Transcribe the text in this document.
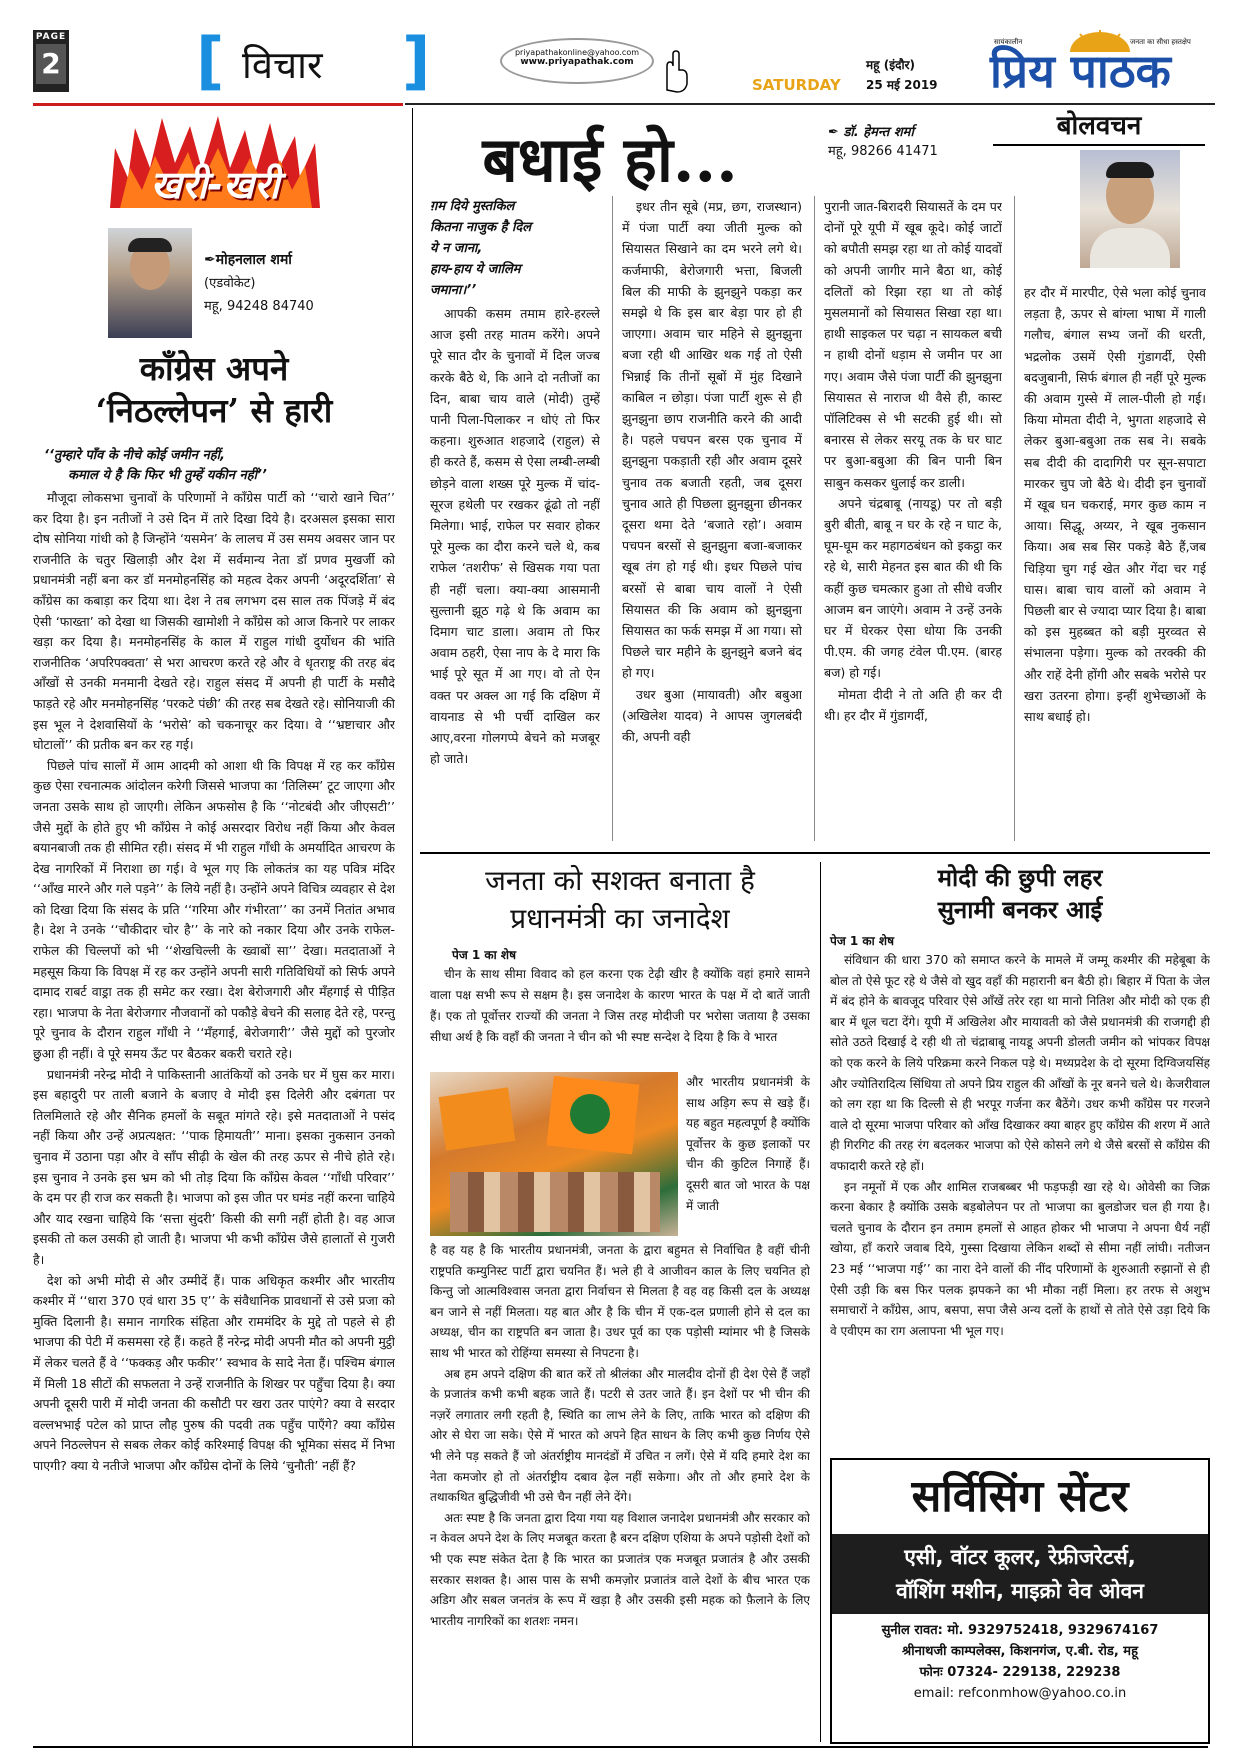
PAGE
2 [ विचार ]	priyapathakonline@yahoo.com
www.priyapathak.com
SATURDAY
महू (इंदौर)
25 मई 2019
सायंकालीन	जनता का सीधा हस्तक्षेप
प्रिय पाठक
खरी-खरी
✒मोहनलाल शर्मा
(एडवोकेट)
महू, 94248 84740
कॉंग्रेस अपने
‘निठल्लेपन’ से हारी
‘‘तुम्हारे पाँव के नीचे कोई जमीन नहीं,
कमाल ये है कि फिर भी तुम्हें यकीन नहीं’’

मौजूदा लोकसभा चुनावों के परिणामों ने कॉंग्रेस पार्टी को ‘‘चारो खाने चित’’ कर दिया है। इन नतीजों ने उसे दिन में तारे दिखा दिये है। दरअसल इसका सारा दोष सोनिया गांधी को है जिन्होंने ‘यसमेन’ के लालच में उस समय अवसर जान पर राजनीति के चतुर खिलाड़ी और देश में सर्वमान्य नेता डॉ प्रणव मुखर्जी को प्रधानमंत्री नहीं बना कर डॉ मनमोहनसिंह को महत्व देकर अपनी ‘अदूरदर्शिता’ से कॉंग्रेस का कबाड़ा कर दिया था। देश ने तब लगभग दस साल तक पिंजड़े में बंद ऐसी ‘फाख्ता’ को देखा था जिसकी खामोशी ने कॉंग्रेस को आज किनारे पर लाकर खड़ा कर दिया है। मनमोहनसिंह के काल में राहुल गांधी दुर्योधन की भांति राजनीतिक ‘अपरिपक्वता’ से भरा आचरण करते रहे और वे धृतराष्ट्र की तरह बंद आँखों से उनकी मनमानी देखते रहे। राहुल संसद में अपनी ही पार्टी के मसौदे फाड़ते रहे और मनमोहनसिंह ‘परकटे पंछी’ की तरह सब देखते रहे। सोनियाजी की इस भूल ने देशवासियों के ‘भरोसे’ को चकनाचूर कर दिया। वे ‘‘भ्रष्टाचार और घोटालों’’ की प्रतीक बन कर रह गई।

पिछले पांच सालों में आम आदमी को आशा थी कि विपक्ष में रह कर कॉंग्रेस कुछ ऐसा रचनात्मक आंदोलन करेगी जिससे भाजपा का ‘तिलिस्म’ टूट जाएगा और जनता उसके साथ हो जाएगी। लेकिन अफसोस है कि ‘‘नोटबंदी और जीएसटी’’ जैसे मुद्दों के होते हुए भी कॉंग्रेस ने कोई असरदार विरोध नहीं किया और केवल बयानबाजी तक ही सीमित रही। संसद में भी राहुल गाँधी के अमर्यादित आचरण के देख नागरिकों में निराशा छा गई। वे भूल गए कि लोकतंत्र का यह पवित्र मंदिर ‘‘आँख मारने और गले पड़ने’’ के लिये नहीं है। उन्होंने अपने विचित्र व्यवहार से देश को दिखा दिया कि संसद के प्रति ‘‘गरिमा और गंभीरता’’ का उनमें नितांत अभाव है। देश ने उनके ‘‘चौकीदार चोर है’’ के नारे को नकार दिया और उनके राफेल-राफेल की चिल्लपों को भी ‘‘शेखचिल्ली के ख्वाबों सा’’ देखा। मतदाताओं ने महसूस किया कि विपक्ष में रह कर उन्होंने अपनी सारी गतिविधियों को सिर्फ अपने दामाद राबर्ट वाड्रा तक ही समेट कर रखा। देश बेरोजगारी और मँहगाई से पीड़ित रहा। भाजपा के नेता बेरोजगार नौजवानों को पकौड़े बेचने की सलाह देते रहे, परन्तु पूरे चुनाव के दौरान राहुल गाँधी ने ‘‘मँहगाई, बेरोजगारी’’ जैसे मुद्दों को पुरजोर छुआ ही नहीं। वे पूरे समय ऊँट पर बैठकर बकरी चराते रहे।

प्रधानमंत्री नरेन्द्र मोदी ने पाकिस्तानी आतंकियों को उनके घर में घुस कर मारा। इस बहादुरी पर ताली बजाने के बजाए वे मोदी इस दिलेरी और दबंगता पर तिलमिलाते रहे और सैनिक हमलों के सबूत मांगते रहे। इसे मतदाताओं ने पसंद नहीं किया और उन्हें अप्रत्यक्षत: ‘‘पाक हिमायती’’ माना। इसका नुकसान उनको चुनाव में उठाना पड़ा और वे साँप सीढ़ी के खेल की तरह ऊपर से नीचे होते रहे। इस चुनाव ने उनके इस भ्रम को भी तोड़ दिया कि कॉंग्रेस केवल ‘‘गाँधी परिवार’’ के दम पर ही राज कर सकती है। भाजपा को इस जीत पर घमंड नहीं करना चाहिये और याद रखना चाहिये कि ‘सत्ता सुंदरी’ किसी की सगी नहीं होती है। वह आज इसकी तो कल उसकी हो जाती है। भाजपा भी कभी कॉंग्रेस जैसे हालातों से गुजरी है।

देश को अभी मोदी से और उम्मीदें हैं। पाक अधिकृत कश्मीर और भारतीय कश्मीर में ‘‘धारा 370 एवं धारा 35 ए’’ के संवैधानिक प्रावधानों से उसे प्रजा को मुक्ति दिलानी है। समान नागरिक संहिता और राममंदिर के मुद्दे तो पहले से ही भाजपा की पेटी में कसमसा रहे हैं। कहते हैं नरेन्द्र मोदी अपनी मौत को अपनी मुट्ठी में लेकर चलते हैं वे ‘‘फक्कड़ और फकीर’’ स्वभाव के सादे नेता हैं। पश्चिम बंगाल में मिली 18 सीटों की सफलता ने उन्हें राजनीति के शिखर पर पहुँचा दिया है। क्या अपनी दूसरी पारी में मोदी जनता की कसौटी पर खरा उतर पाएंगे? क्या वे सरदार वल्लभभाई पटेल को प्राप्त लौह पुरुष की पदवी तक पहुँच पाएँगे? क्या कॉंग्रेस अपने निठल्लेपन से सबक लेकर कोई करिश्माई विपक्ष की भूमिका संसद में निभा पाएगी? क्या ये नतीजे भाजपा और कॉंग्रेस दोनों के लिये ‘चुनौती’ नहीं हैं?

बधाई हो...	✒ डॉ. हेमन्त शर्मा
महू, 98266 41471
बोलवचन
ग़म दिये मुस्तकिल
कितना नाजुक है दिल
ये न जाना,
हाय-हाय ये जालिम
जमाना।’’

आपकी कसम तमाम हारे-हरल्ले आज इसी तरह मातम करेंगे। अपने पूरे सात दौर के चुनावों में दिल जज्ब करके बैठे थे, कि आने दो नतीजों का दिन, बाबा चाय वाले (मोदी) तुम्हें पानी पिला-पिलाकर न धोएं तो फिर कहना। शुरुआत शहजादे (राहुल) से ही करते हैं, कसम से ऐसा लम्बी-लम्बी छोड़ने वाला शख्स पूरे मुल्क में चांद-सूरज हथेली पर रखकर ढूंढो तो नहीं मिलेगा। भाई, राफेल पर सवार होकर पूरे मुल्क का दौरा करने चले थे, कब राफेल ‘तशरीफ’ से खिसक गया पता ही नहीं चला। क्या-क्या आसमानी सुल्तानी झूठ गढ़े थे कि अवाम का दिमाग चाट डाला। अवाम तो फिर अवाम ठहरी, ऐसा नाप के दे मारा कि भाई पूरे सूत में आ गए। वो तो ऐन वक्त पर अक्ल आ गई कि दक्षिण में वायनाड से भी पर्ची दाखिल कर आए,वरना गोलगप्पे बेचने को मजबूर हो जाते।

इधर तीन सूबे (मप्र, छग, राजस्थान) में पंजा पार्टी क्या जीती मुल्क को सियासत सिखाने का दम भरने लगे थे। कर्जमाफी, बेरोजगारी भत्ता, बिजली बिल की माफी के झुनझुने पकड़ा कर समझे थे कि इस बार बेड़ा पार हो ही जाएगा। अवाम चार महिने से झुनझुना बजा रही थी आखिर थक गई तो ऐसी भिन्नाई कि तीनों सूबों में मुंह दिखाने काबिल न छोड़ा। पंजा पार्टी शुरू से ही झुनझुना छाप राजनीति करने की आदी है। पहले पचपन बरस एक चुनाव में झुनझुना पकड़ाती रही और अवाम दूसरे चुनाव तक बजाती रहती, जब दूसरा चुनाव आते ही पिछला झुनझुना छीनकर दूसरा थमा देते ‘बजाते रहो’। अवाम पचपन बरसों से झुनझुना बजा-बजाकर खूब तंग हो गई थी। इधर पिछले पांच बरसों से बाबा चाय वालों ने ऐसी सियासत की कि अवाम को झुनझुना सियासत का फर्क समझ में आ गया। सो पिछले चार महीने के झुनझुने बजने बंद हो गए।

उधर बुआ (मायावती) और बबुआ (अखिलेश यादव) ने आपस जुगलबंदी की, अपनी वही

पुरानी जात-बिरादरी सियासतें के दम पर दोनों पूरे यूपी में खूब कूदे। कोई जाटों को बपौती समझ रहा था तो कोई यादवों को अपनी जागीर माने बैठा था, कोई दलितों को रिझा रहा था तो कोई मुसलमानों को सियासत सिखा रहा था। हाथी साइकल पर चढ़ा न सायकल बची न हाथी दोनों धड़ाम से जमीन पर आ गए। अवाम जैसे पंजा पार्टी की झुनझुना सियासत से नाराज थी वैसे ही, कास्ट पॉलिटिक्स से भी सटकी हुई थी। सो बनारस से लेकर सरयू तक के घर घाट पर बुआ-बबुआ की बिन पानी बिन साबुन कसकर धुलाई कर डाली।

अपने चंद्रबाबू (नायडू) पर तो बड़ी बुरी बीती, बाबू न घर के रहे न घाट के, घूम-घूम कर महागठबंधन को इकट्ठा कर रहे थे, सारी मेहनत इस बात की थी कि कहीं कुछ चमत्कार हुआ तो सीधे वजीर आजम बन जाएंगे। अवाम ने उन्हें उनके घर में घेरकर ऐसा धोया कि उनकी पी.एम. की जगह टंवेल पी.एम. (बारह बज) हो गई।

मोमता दीदी ने तो अति ही कर दी थी। हर दौर में गुंडागर्दी,

हर दौर में मारपीट, ऐसे भला कोई चुनाव लड़ता है, ऊपर से बांग्ला भाषा में गाली गलौच, बंगाल सभ्य जनों की धरती, भद्रलोक उसमें ऐसी गुंडागर्दी, ऐसी बदजुबानी, सिर्फ बंगाल ही नहीं पूरे मुल्क की अवाम गुस्से में लाल-पीली हो गई। किया मोमता दीदी ने, भुगता शहजादे से लेकर बुआ-बबुआ तक सब ने। सबके सब दीदी की दादागिरी पर सून-सपाटा मारकर चुप जो बैठे थे। दीदी इन चुनावों में खूब घन चकराई, मगर कुछ काम न आया। सिद्धू, अय्यर, ने खूब नुकसान किया। अब सब सिर पकड़े बैठे हैं,जब चिड़िया चुग गई खेत और गेंदा चर गई घास। बाबा चाय वालों को अवाम ने पिछली बार से ज्यादा प्यार दिया है। बाबा को इस मुहब्बत को बड़ी मुरव्वत से संभालना पड़ेगा। मुल्क को तरक्की की और राहें देनी होंगी और सबके भरोसे पर खरा उतरना होगा। इन्हीं शुभेच्छाओं के साथ बधाई हो।

जनता को सशक्त बनाता है
प्रधानमंत्री का जनादेश
पेज 1 का शेष

चीन के साथ सीमा विवाद को हल करना एक टेढ़ी खीर है क्योंकि वहां हमारे सामने वाला पक्ष सभी रूप से सक्षम है। इस जनादेश के कारण भारत के पक्ष में दो बातें जाती हैं। एक तो पूर्वोत्तर राज्यों की जनता ने जिस तरह मोदीजी पर भरोसा जताया है उसका सीधा अर्थ है कि वहाँ की जनता ने चीन को भी स्पष्ट सन्देश दे दिया है कि वे भारत

और भारतीय प्रधानमंत्री के साथ अड़िग रूप से खड़े हैं। यह बहुत महत्वपूर्ण है क्योंकि पूर्वोत्तर के कुछ इलाकों पर चीन की कुटिल निगाहें हैं। दूसरी बात जो भारत के पक्ष में जाती

है वह यह है कि भारतीय प्रधानमंत्री, जनता के द्वारा बहुमत से निर्वाचित है वहीं चीनी राष्ट्रपति कम्युनिस्ट पार्टी द्वारा चयनित हैं। भले ही वे आजीवन काल के लिए चयनित हो किन्तु जो आत्मविश्वास जनता द्वारा निर्वाचन से मिलता है वह वह किसी दल के अध्यक्ष बन जाने से नहीं मिलता। यह बात और है कि चीन में एक-दल प्रणाली होने से दल का अध्यक्ष, चीन का राष्ट्रपति बन जाता है। उधर पूर्व का एक पड़ोसी म्यांमार भी है जिसके साथ भी भारत को रोहिंग्या समस्या से निपटना है।

अब हम अपने दक्षिण की बात करें तो श्रीलंका और मालदीव दोनों ही देश ऐसे हैं जहाँ के प्रजातंत्र कभी कभी बहक जाते हैं। पटरी से उतर जाते हैं। इन देशों पर भी चीन की नज़रें लगातार लगी रहती है, स्थिति का लाभ लेने के लिए, ताकि भारत को दक्षिण की ओर से घेरा जा सके। ऐसे में भारत को अपने हित साधन के लिए कभी कुछ निर्णय ऐसे भी लेने पड़ सकते हैं जो अंतर्राष्ट्रीय मानदंडों में उचित न लगें। ऐसे में यदि हमारे देश का नेता कमजोर हो तो अंतर्राष्ट्रीय दबाव ढ़ेल नहीं सकेगा। और तो और हमारे देश के तथाकथित बुद्धिजीवी भी उसे चैन नहीं लेने देंगे।

अतः स्पष्ट है कि जनता द्वारा दिया गया यह विशाल जनादेश प्रधानमंत्री और सरकार को न केवल अपने देश के लिए मजबूत करता है बरन दक्षिण एशिया के अपने पड़ोसी देशों को भी एक स्पष्ट संकेत देता है कि भारत का प्रजातंत्र एक मजबूत प्रजातंत्र है और उसकी सरकार सशक्त है। आस पास के सभी कमज़ोर प्रजातंत्र वाले देशों के बीच भारत एक अडिग और सबल जनतंत्र के रूप में खड़ा है और उसकी इसी महक को फ़ैलाने के लिए भारतीय नागरिकों का शतशः नमन।

मोदी की छुपी लहर
सुनामी बनकर आई
पेज 1 का शेष

संविधान की धारा 370 को समाप्त करने के मामले में जम्मू कश्मीर की महेबूबा के बोल तो ऐसे फूट रहे थे जैसे वो खुद वहाँ की महारानी बन बैठी हो। बिहार में पिता के जेल में बंद होने के बावजूद परिवार ऐसे आँखें तरेर रहा था मानो नितिश और मोदी को एक ही बार में धूल चटा देंगे। यूपी में अखिलेश और मायावती को जैसे प्रधानमंत्री की राजगद्दी ही सोते उठते दिखाई दे रही थी तो चंद्राबाबू नायडू अपनी डोलती जमीन को भांपकर विपक्ष को एक करने के लिये परिक्रमा करने निकल पड़े थे। मध्यप्रदेश के दो सूरमा दिग्विजयसिंह और ज्योतिरादित्य सिंधिया तो अपने प्रिय राहुल की आँखों के नूर बनने चले थे। केजरीवाल को लग रहा था कि दिल्ली से ही भरपूर गर्जना कर बैठेंगे। उधर कभी कॉंग्रेस पर गरजने वाले दो सूरमा भाजपा परिवार को आँख दिखाकर क्या बाहर हुए कॉंग्रेस की शरण में आते ही गिरगिट की तरह रंग बदलकर भाजपा को ऐसे कोसने लगे थे जैसे बरसों से कॉंग्रेस की वफादारी करते रहे हों।

इन नमूनों में एक और शामिल राजबब्बर भी फड़फड़ी खा रहे थे। ओवेसी का जिक्र करना बेकार है क्योंकि उसके बड़बोलेपन पर तो भाजपा का बुलडोजर चल ही गया है। चलते चुनाव के दौरान इन तमाम हमलों से आहत होकर भी भाजपा ने अपना धैर्य नहीं खोया, हाँ करारे जवाब दिये, गुस्सा दिखाया लेकिन शब्दों से सीमा नहीं लांघी। नतीजन 23 मई ‘‘भाजपा गई’’ का नारा देने वालों की नींद परिणामों के शुरुआती रुझानों से ही ऐसी उड़ी कि बस फिर पलक झपकने का भी मौका नहीं मिला। हर तरफ से अशुभ समाचारों ने कॉंग्रेस, आप, बसपा, सपा जैसे अन्य दलों के हाथों से तोते ऐसे उड़ा दिये कि वे एवीएम का राग अलापना भी भूल गए।

सर्विसिंग सेंटर
एसी, वॉटर कूलर, रेफ्रीजरेटर्स,
वॉशिंग मशीन, माइक्रो वेव ओवन
सुनील रावत: मो. 9329752418, 9329674167
श्रीनाथजी काम्पलेक्स, किशनगंज, ए.बी. रोड, महू
फोनः 07324- 229138, 229238
email: refconmhow@yahoo.co.in
